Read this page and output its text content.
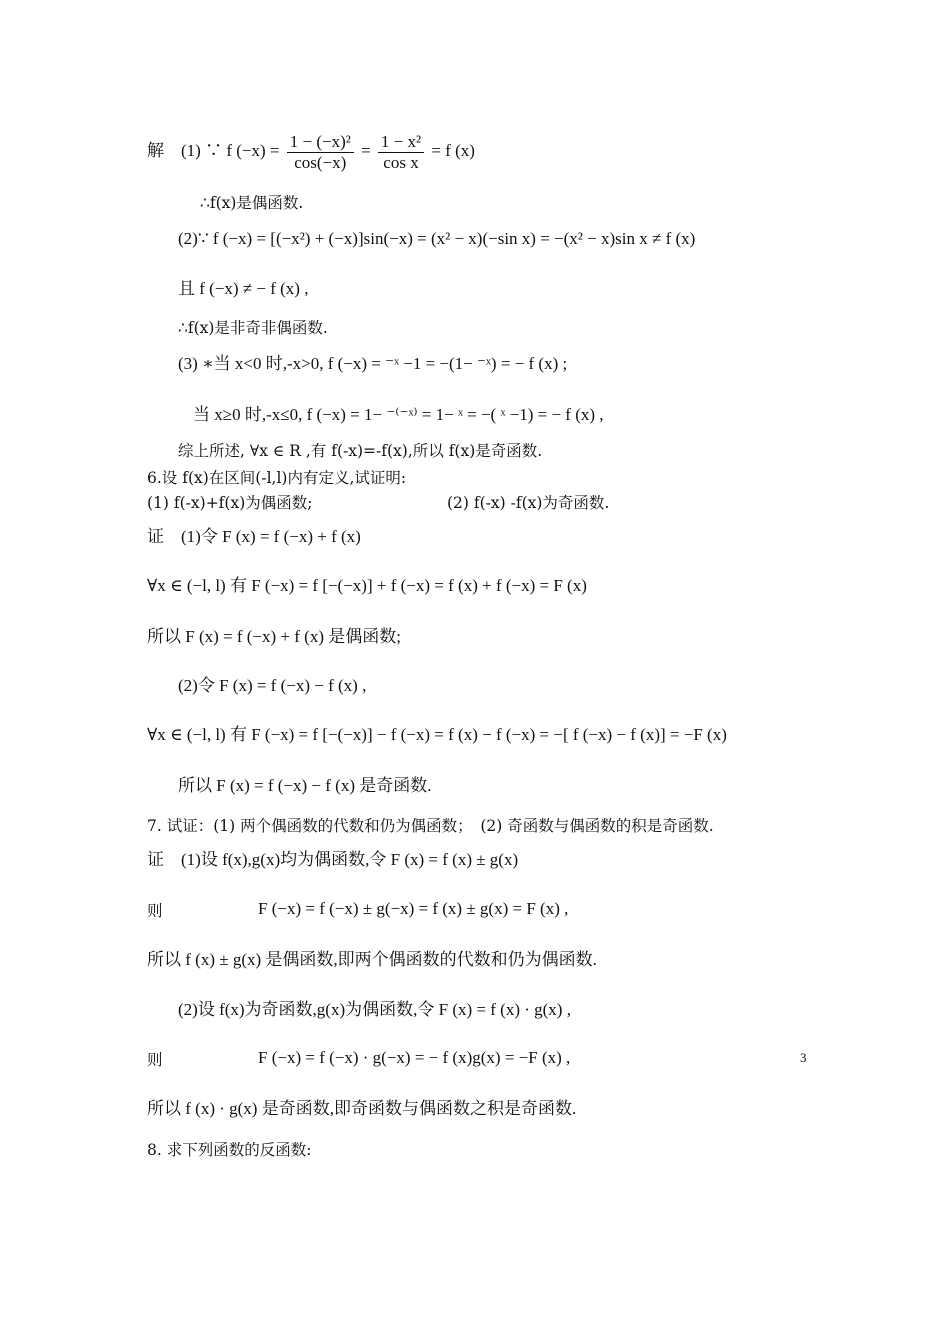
解　(1) ∵ f $(-x) = \frac{\text{1 − (−x)²}}{\cos(-x)} = \frac{\text{1 − x²}}{\text{cos x}} = f$ (x)
∴f(x)是偶函数.
(2)∵ f (−x) = [(−x²) + (−x)]sin(−x) = (x² − x)(−sin x) = −(x² − x)sin x ≠ f (x)
且 f (−x) ≠ − f (x) ,
∴f(x)是非奇非偶函数.
(3) ∗当 x<0 时,-x>0, f (−x) = ⁻ˣ −1 = −(1− ⁻ˣ) = − f (x) ;
当 x≥0 时,-x≤0, f (−x) = 1− ⁻⁽⁻ˣ⁾ = 1− ˣ = −( ˣ −1) = − f (x) ,
综上所述, ∀x ∈ R ,有 f(-x)=-f(x),所以 f(x)是奇函数.
6.设 f(x)在区间(-l,l)内有定义,试证明:
(1) f(-x)+f(x)为偶函数;	(2) f(-x) -f(x)为奇函数.
证　(1)令 F (x) = f (−x) + f (x)
∀x ∈ (−l, l) 有 F (−x) = f [−(−x)] + f (−x) = f (x) + f (−x) = F (x)
所以 F (x) = f (−x) + f (x) 是偶函数;
(2)令 F (x) = f (−x) − f (x) ,
∀x ∈ (−l, l) 有 F (−x) = f [−(−x)] − f (−x) = f (x) − f (−x) = −[ f (−x) − f (x)] = −F (x)
所以 F (x) = f (−x) − f (x) 是奇函数.
7. 试证：(1) 两个偶函数的代数和仍为偶函数；　(2) 奇函数与偶函数的积是奇函数.
证　(1)设 f(x),g(x)均为偶函数,令 F (x) = f (x) ± g(x)
则	F (−x) = f (−x) ± g(−x) = f (x) ± g(x) = F (x) ,
所以 f (x) ± g(x) 是偶函数,即两个偶函数的代数和仍为偶函数.
(2)设 f(x)为奇函数,g(x)为偶函数,令 F (x) = f (x) · g(x) ,
则	F (−x) = f (−x) · g(−x) = − f (x)g(x) = −F (x) ,
所以 f (x) · g(x) 是奇函数,即奇函数与偶函数之积是奇函数.
8. 求下列函数的反函数:
3
